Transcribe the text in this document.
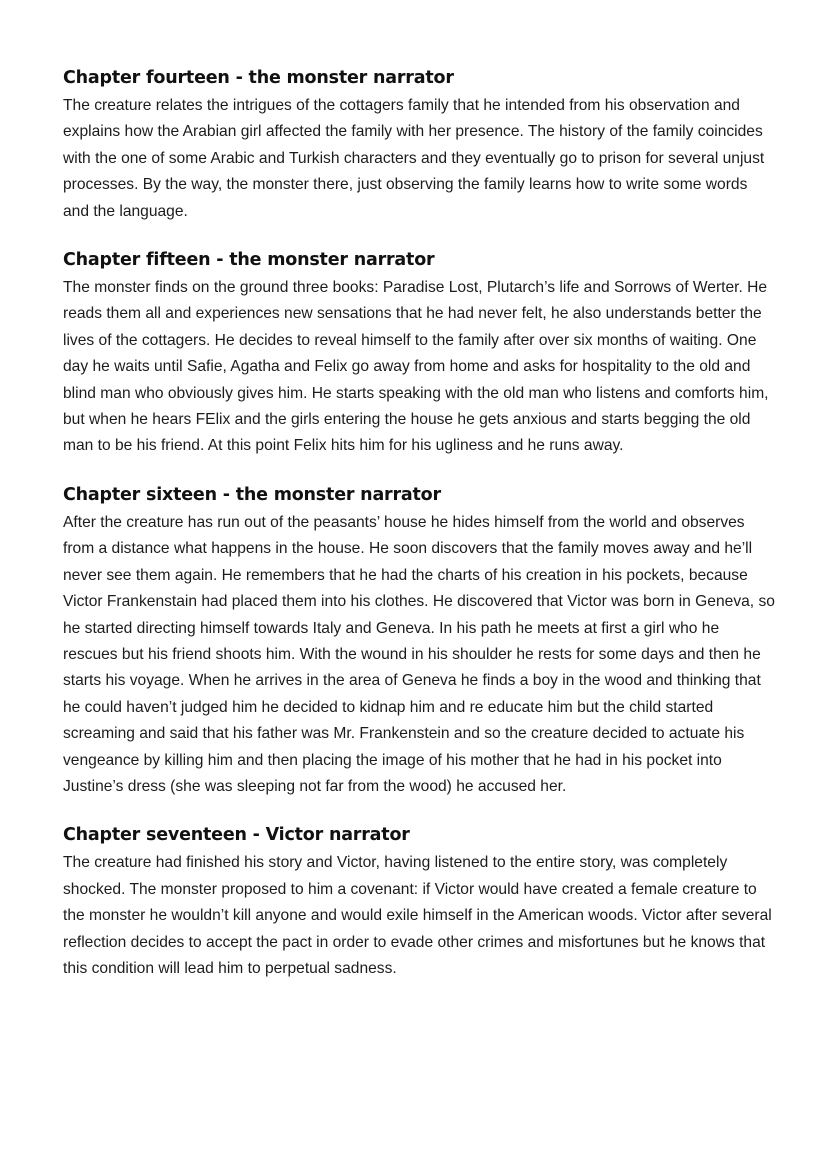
Chapter fourteen - the monster narrator

The creature relates the intrigues of the cottagers family that he intended from his observation and explains how the Arabian girl affected the family with her presence. The history of the family coincides with the one of some Arabic and Turkish characters and they eventually go to prison for several unjust processes. By the way, the monster there, just observing the family learns how to write some words and the language.

Chapter fifteen - the monster narrator

The monster finds on the ground three books: Paradise Lost, Plutarch’s life and Sorrows of Werter. He reads them all and experiences new sensations that he had never felt, he also understands better the lives of the cottagers. He decides to reveal himself to the family after over six months of waiting. One day he waits until Safie, Agatha and Felix go away from home and asks for hospitality to the old and blind man who obviously gives him. He starts speaking with the old man who listens and comforts him, but when he hears FElix and the girls entering the house he gets anxious and starts begging the old man to be his friend. At this point Felix hits him for his ugliness and he runs away.

Chapter sixteen - the monster narrator

After the creature has run out of the peasants’ house he hides himself from the world and observes from a distance what happens in the house. He soon discovers that the family moves away and he’ll never see them again. He remembers that he had the charts of his creation in his pockets, because Victor Frankenstain had placed them into his clothes. He discovered that Victor was born in Geneva, so he started directing himself towards Italy and Geneva. In his path he meets at first a girl who he rescues but his friend shoots him. With the wound in his shoulder he rests for some days and then he starts his voyage. When he arrives in the area of Geneva he finds a boy in the wood and thinking that he could haven’t judged him he decided to kidnap him and re educate him but the child started screaming and said that his father was Mr. Frankenstein and so the creature decided to actuate his vengeance by killing him and then placing the image of his mother that he had in his pocket into Justine’s dress (she was sleeping not far from the wood) he accused her.

Chapter seventeen - Victor narrator

The creature had finished his story and Victor, having listened to the entire story, was completely shocked. The monster proposed to him a covenant: if Victor would have created a female creature to the monster he wouldn’t kill anyone and would exile himself in the American woods. Victor after several reflection decides to accept the pact in order to evade other crimes and misfortunes but he knows that this condition will lead him to perpetual sadness.
